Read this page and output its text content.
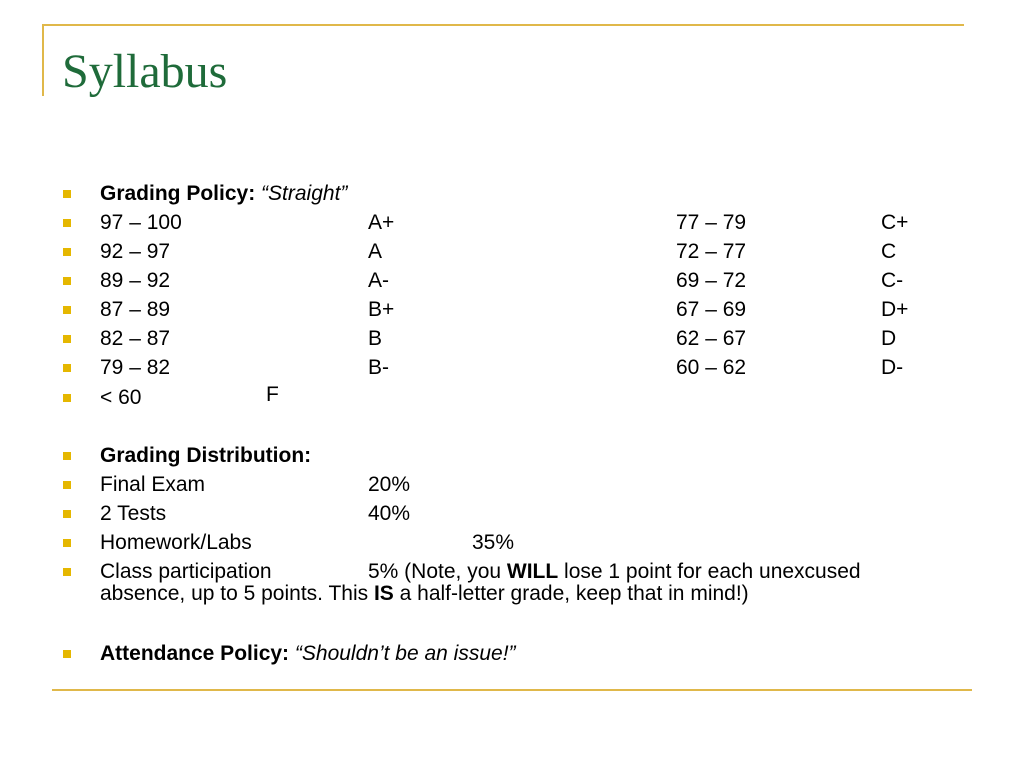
Syllabus
Grading Policy: “Straight”
97 – 100	A+	77 – 79	C+
92 – 97	A	72 – 77	C
89 – 92	A-	69 – 72	C-
87 – 89	B+	67 – 69	D+
82 – 87	B	62 – 67	D
79 – 82	B-	60 – 62	D-
< 60	F
Grading Distribution:
Final Exam	20%
2 Tests	40%
Homework/Labs	35%
Class participation	5% (Note, you WILL lose 1 point for each unexcused
absence, up to 5 points. This IS a half-letter grade, keep that in mind!)
Attendance Policy: “Shouldn’t be an issue!”
